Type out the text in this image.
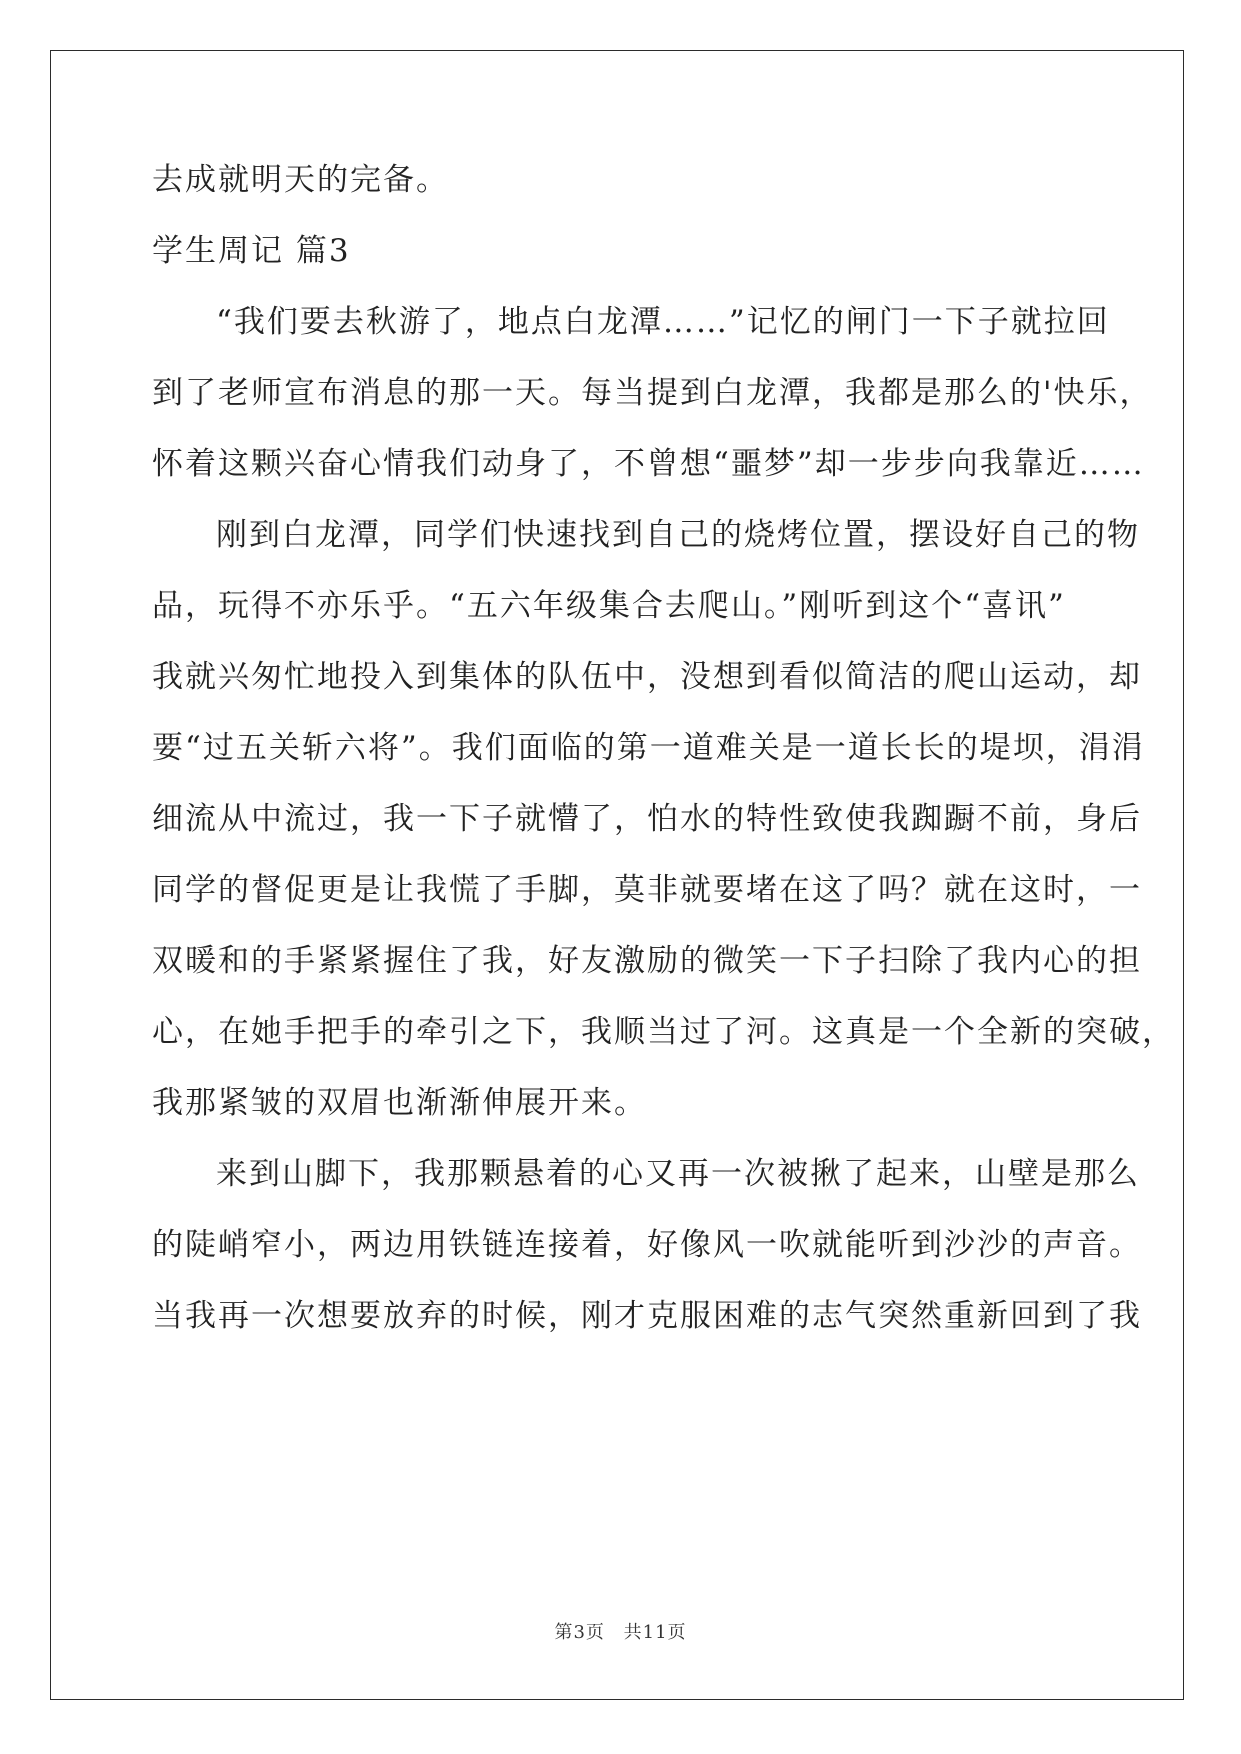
去成就明天的完备。
学生周记 篇3
“我们要去秋游了，地点白龙潭……”记忆的闸门一下子就拉回
到了老师宣布消息的那一天。每当提到白龙潭，我都是那么的'快乐，
怀着这颗兴奋心情我们动身了，不曾想“噩梦”却一步步向我靠近……
刚到白龙潭，同学们快速找到自己的烧烤位置，摆设好自己的物
品，玩得不亦乐乎。“五六年级集合去爬山。”刚听到这个“喜讯”
我就兴匆忙地投入到集体的队伍中，没想到看似简洁的爬山运动，却
要“过五关斩六将”。我们面临的第一道难关是一道长长的堤坝，涓涓
细流从中流过，我一下子就懵了，怕水的特性致使我踟蹰不前，身后
同学的督促更是让我慌了手脚，莫非就要堵在这了吗？就在这时，一
双暖和的手紧紧握住了我，好友激励的微笑一下子扫除了我内心的担
心，在她手把手的牵引之下，我顺当过了河。这真是一个全新的突破，
我那紧皱的双眉也渐渐伸展开来。
来到山脚下，我那颗悬着的心又再一次被揪了起来，山壁是那么
的陡峭窄小，两边用铁链连接着，好像风一吹就能听到沙沙的声音。
当我再一次想要放弃的时候，刚才克服困难的志气突然重新回到了我
第3页 共11页
